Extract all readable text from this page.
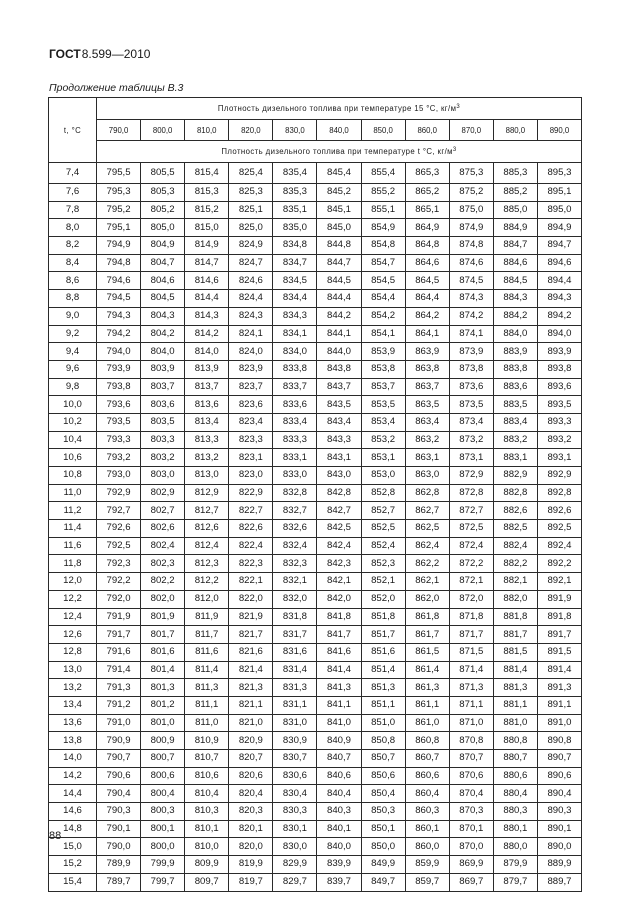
ГОСТ 8.599—2010
Продолжение таблицы В.3
t, °С	Плотность дизельного топлива при температуре 15 °С, $кг/м^3$
	790,0	800,0	810,0	820,0	830,0	840,0	850,0	860,0	870,0	880,0	890,0
	Плотность дизельного топлива при температуре t °С, $кг/м^3$
7,4	795,5	805,5	815,4	825,4	835,4	845,4	855,4	865,3	875,3	885,3	895,3
7,6	795,3	805,3	815,3	825,3	835,3	845,2	855,2	865,2	875,2	885,2	895,1
7,8	795,2	805,2	815,2	825,1	835,1	845,1	855,1	865,1	875,0	885,0	895,0
8,0	795,1	805,0	815,0	825,0	835,0	845,0	854,9	864,9	874,9	884,9	894,9
8,2	794,9	804,9	814,9	824,9	834,8	844,8	854,8	864,8	874,8	884,7	894,7
8,4	794,8	804,7	814,7	824,7	834,7	844,7	854,7	864,6	874,6	884,6	894,6
8,6	794,6	804,6	814,6	824,6	834,5	844,5	854,5	864,5	874,5	884,5	894,4
8,8	794,5	804,5	814,4	824,4	834,4	844,4	854,4	864,4	874,3	884,3	894,3
9,0	794,3	804,3	814,3	824,3	834,3	844,2	854,2	864,2	874,2	884,2	894,2
9,2	794,2	804,2	814,2	824,1	834,1	844,1	854,1	864,1	874,1	884,0	894,0
9,4	794,0	804,0	814,0	824,0	834,0	844,0	853,9	863,9	873,9	883,9	893,9
9,6	793,9	803,9	813,9	823,9	833,8	843,8	853,8	863,8	873,8	883,8	893,8
9,8	793,8	803,7	813,7	823,7	833,7	843,7	853,7	863,7	873,6	883,6	893,6
10,0	793,6	803,6	813,6	823,6	833,6	843,5	853,5	863,5	873,5	883,5	893,5
10,2	793,5	803,5	813,4	823,4	833,4	843,4	853,4	863,4	873,4	883,4	893,3
10,4	793,3	803,3	813,3	823,3	833,3	843,3	853,2	863,2	873,2	883,2	893,2
10,6	793,2	803,2	813,2	823,1	833,1	843,1	853,1	863,1	873,1	883,1	893,1
10,8	793,0	803,0	813,0	823,0	833,0	843,0	853,0	863,0	872,9	882,9	892,9
11,0	792,9	802,9	812,9	822,9	832,8	842,8	852,8	862,8	872,8	882,8	892,8
11,2	792,7	802,7	812,7	822,7	832,7	842,7	852,7	862,7	872,7	882,6	892,6
11,4	792,6	802,6	812,6	822,6	832,6	842,5	852,5	862,5	872,5	882,5	892,5
11,6	792,5	802,4	812,4	822,4	832,4	842,4	852,4	862,4	872,4	882,4	892,4
11,8	792,3	802,3	812,3	822,3	832,3	842,3	852,3	862,2	872,2	882,2	892,2
12,0	792,2	802,2	812,2	822,1	832,1	842,1	852,1	862,1	872,1	882,1	892,1
12,2	792,0	802,0	812,0	822,0	832,0	842,0	852,0	862,0	872,0	882,0	891,9
12,4	791,9	801,9	811,9	821,9	831,8	841,8	851,8	861,8	871,8	881,8	891,8
12,6	791,7	801,7	811,7	821,7	831,7	841,7	851,7	861,7	871,7	881,7	891,7
12,8	791,6	801,6	811,6	821,6	831,6	841,6	851,6	861,5	871,5	881,5	891,5
13,0	791,4	801,4	811,4	821,4	831,4	841,4	851,4	861,4	871,4	881,4	891,4
13,2	791,3	801,3	811,3	821,3	831,3	841,3	851,3	861,3	871,3	881,3	891,3
13,4	791,2	801,2	811,1	821,1	831,1	841,1	851,1	861,1	871,1	881,1	891,1
13,6	791,0	801,0	811,0	821,0	831,0	841,0	851,0	861,0	871,0	881,0	891,0
13,8	790,9	800,9	810,9	820,9	830,9	840,9	850,8	860,8	870,8	880,8	890,8
14,0	790,7	800,7	810,7	820,7	830,7	840,7	850,7	860,7	870,7	880,7	890,7
14,2	790,6	800,6	810,6	820,6	830,6	840,6	850,6	860,6	870,6	880,6	890,6
14,4	790,4	800,4	810,4	820,4	830,4	840,4	850,4	860,4	870,4	880,4	890,4
14,6	790,3	800,3	810,3	820,3	830,3	840,3	850,3	860,3	870,3	880,3	890,3
14,8	790,1	800,1	810,1	820,1	830,1	840,1	850,1	860,1	870,1	880,1	890,1
15,0	790,0	800,0	810,0	820,0	830,0	840,0	850,0	860,0	870,0	880,0	890,0
15,2	789,9	799,9	809,9	819,9	829,9	839,9	849,9	859,9	869,9	879,9	889,9
15,4	789,7	799,7	809,7	819,7	829,7	839,7	849,7	859,7	869,7	879,7	889,7
88
